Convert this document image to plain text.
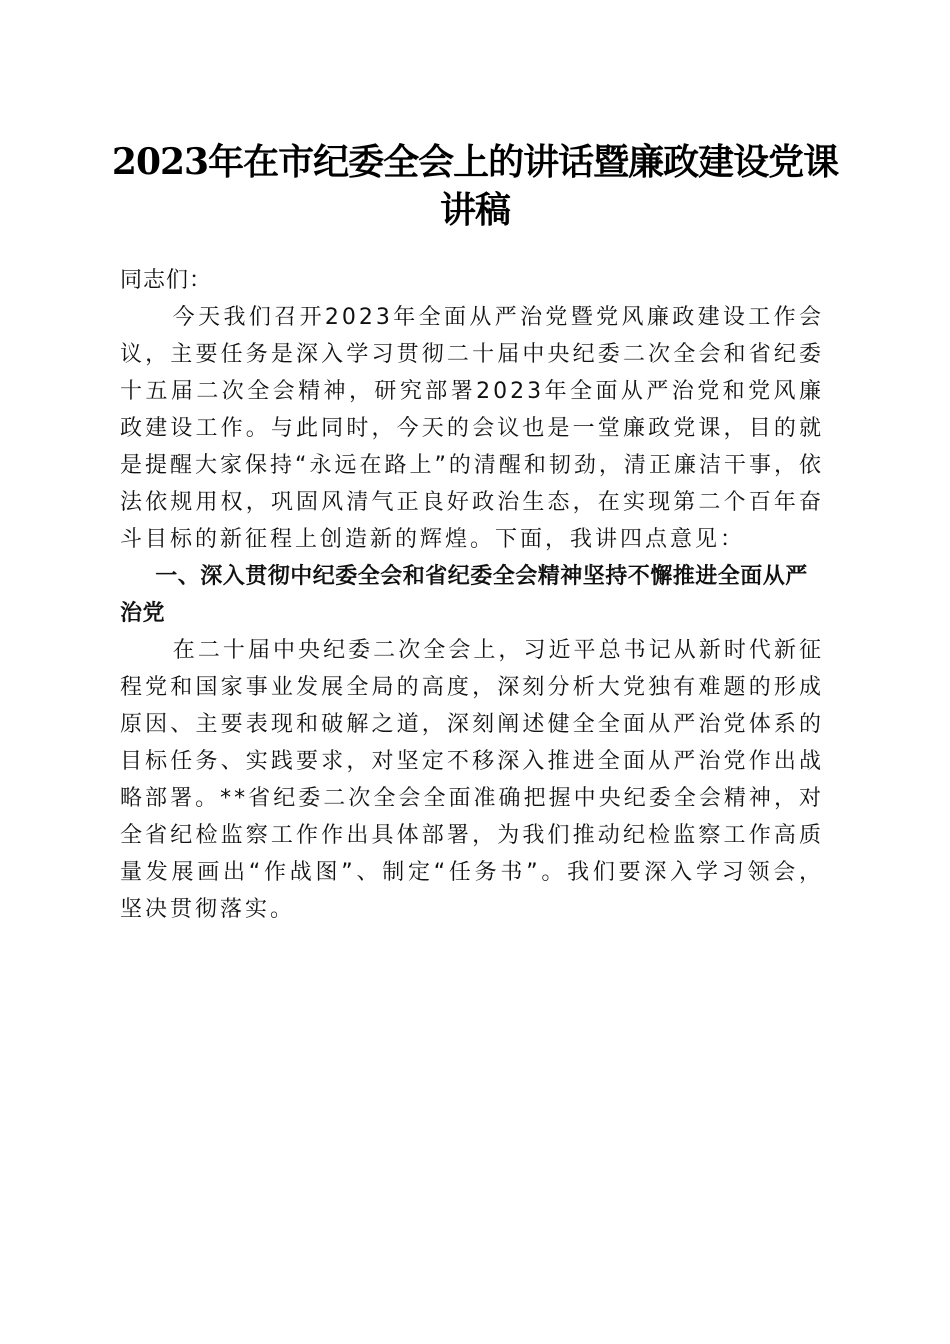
2023年在市纪委全会上的讲话暨廉政建设党课讲稿

同志们：

今天我们召开2023年全面从严治党暨党风廉政建设工作会议，主要任务是深入学习贯彻二十届中央纪委二次全会和省纪委十五届二次全会精神，研究部署2023年全面从严治党和党风廉政建设工作。与此同时，今天的会议也是一堂廉政党课，目的就是提醒大家保持“永远在路上”的清醒和韧劲，清正廉洁干事，依法依规用权，巩固风清气正良好政治生态，在实现第二个百年奋斗目标的新征程上创造新的辉煌。下面，我讲四点意见：

一、深入贯彻中纪委全会和省纪委全会精神坚持不懈推进全面从严治党

在二十届中央纪委二次全会上，习近平总书记从新时代新征程党和国家事业发展全局的高度，深刻分析大党独有难题的形成原因、主要表现和破解之道，深刻阐述健全全面从严治党体系的目标任务、实践要求，对坚定不移深入推进全面从严治党作出战略部署。**省纪委二次全会全面准确把握中央纪委全会精神，对全省纪检监察工作作出具体部署，为我们推动纪检监察工作高质量发展画出“作战图”、制定“任务书”。我们要深入学习领会，坚决贯彻落实。
